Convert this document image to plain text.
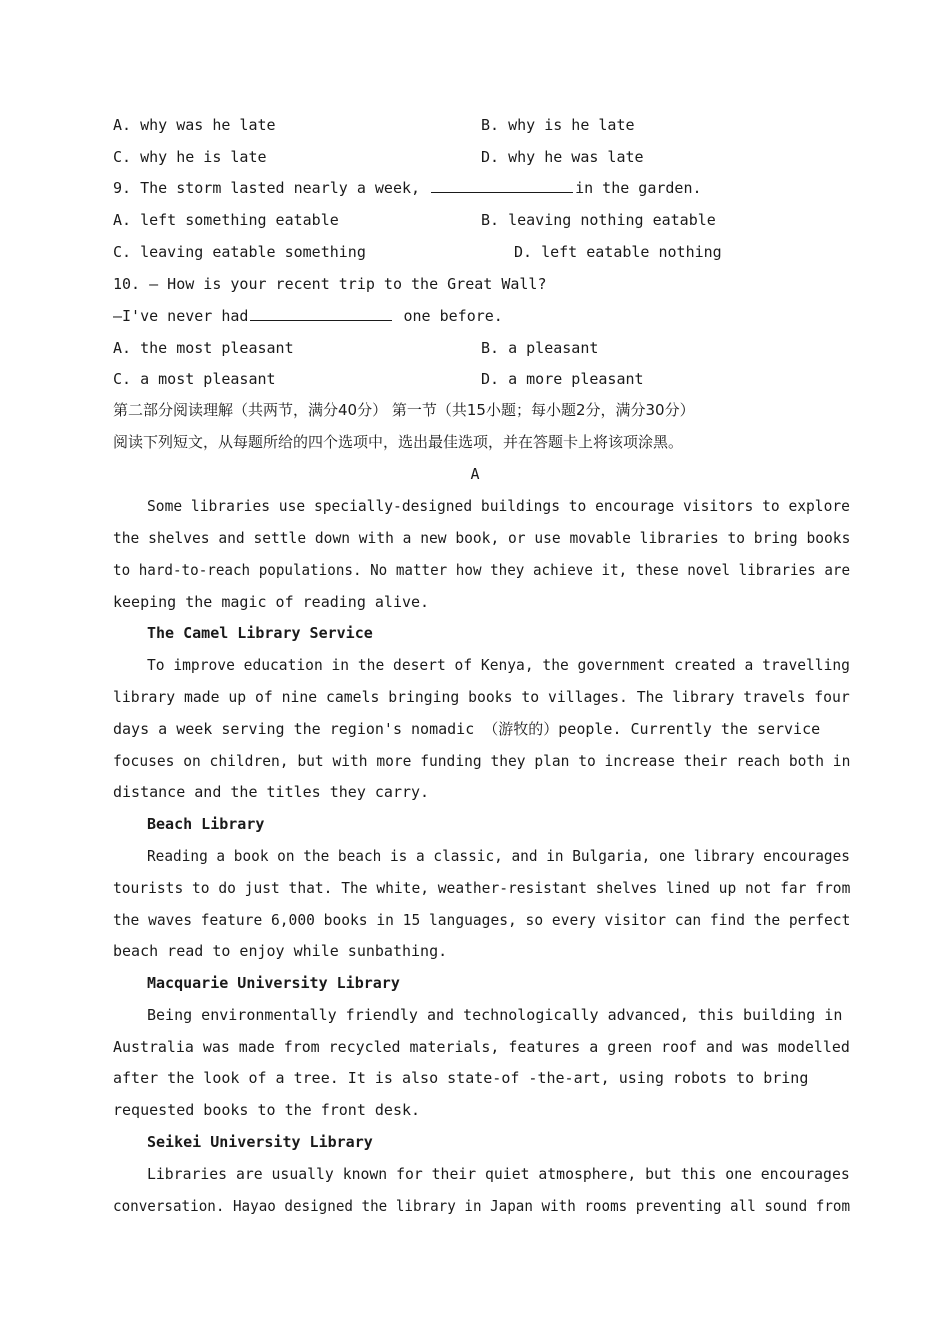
A. why was he late	B. why is he late
C. why he is late	D. why he was late
9. The storm lasted nearly a week,	in the garden.
A. left something eatable	B. leaving nothing eatable
C. leaving eatable something	D. left eatable nothing
10. — How is your recent trip to the Great Wall?
—I've never had	one before.
A. the most pleasant	B. a pleasant
C. a most pleasant	D. a more pleasant
第二部分阅读理解（共两节，满分40分） 第一节（共15小题；每小题2分，满分30分）
阅读下列短文，从每题所给的四个选项中，选出最佳选项，并在答题卡上将该项涂黑。
A
Some libraries use specially-designed buildings to encourage visitors to explore
the shelves and settle down with a new book, or use movable libraries to bring books
to hard-to-reach populations. No matter how they achieve it, these novel libraries are
keeping the magic of reading alive.
The Camel Library Service
To improve education in the desert of Kenya, the government created a travelling
library made up of nine camels bringing books to villages. The library travels four
days a week serving the region's nomadic （游牧的）people. Currently the service
focuses on children, but with more funding they plan to increase their reach both in
distance and the titles they carry.
Beach Library
Reading a book on the beach is a classic, and in Bulgaria, one library encourages
tourists to do just that. The white, weather-resistant shelves lined up not far from
the waves feature 6,000 books in 15 languages, so every visitor can find the perfect
beach read to enjoy while sunbathing.
Macquarie University Library
Being environmentally friendly and technologically advanced, this building in
Australia was made from recycled materials, features a green roof and was modelled
after the look of a tree. It is also state-of -the-art, using robots to bring
requested books to the front desk.
Seikei University Library
Libraries are usually known for their quiet atmosphere, but this one encourages
conversation. Hayao designed the library in Japan with rooms preventing all sound from
